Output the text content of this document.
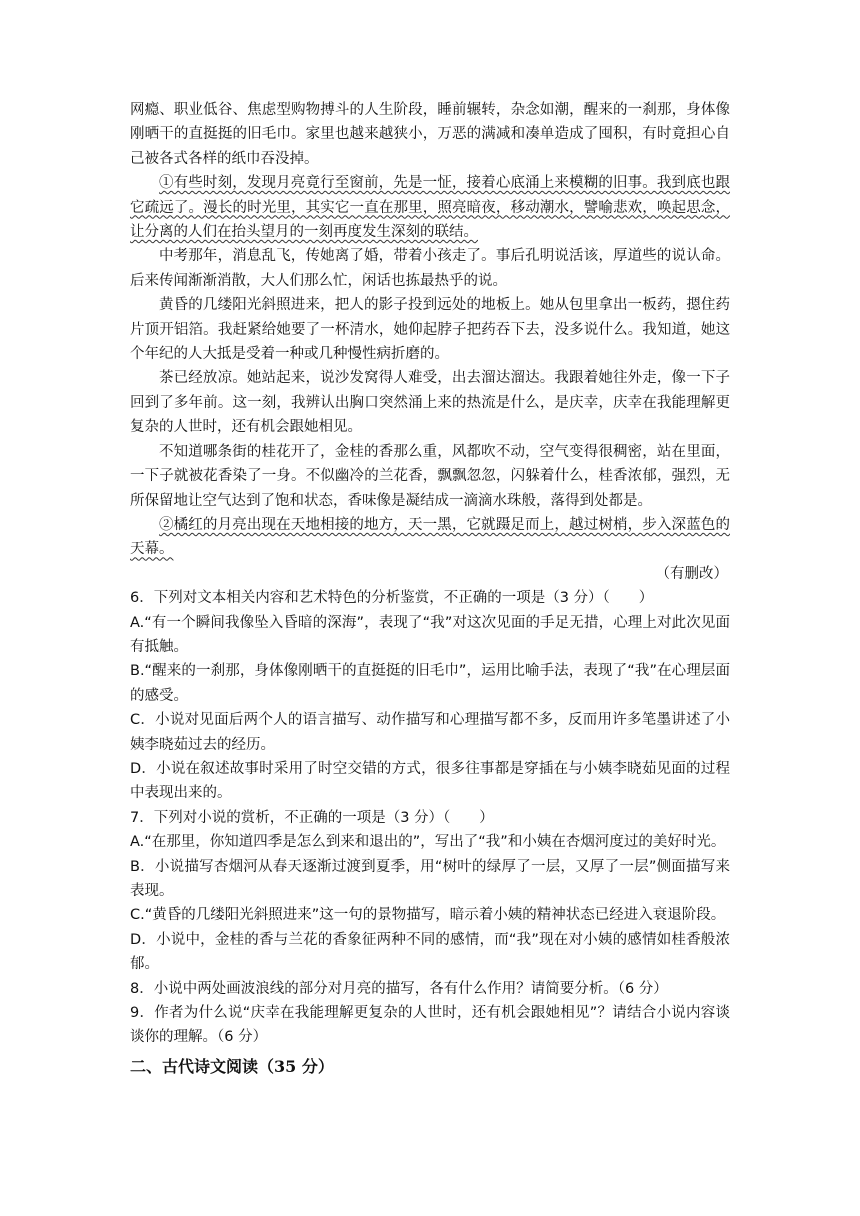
网瘾、职业低谷、焦虑型购物搏斗的人生阶段，睡前辗转，杂念如潮，醒来的一刹那，身体像刚晒干的直挺挺的旧毛巾。家里也越来越狭小，万恶的满减和凑单造成了囤积，有时竟担心自己被各式各样的纸巾吞没掉。

①有些时刻，发现月亮竟行至窗前，先是一怔，接着心底涌上来模糊的旧事。我到底也跟它疏远了。漫长的时光里，其实它一直在那里，照亮暗夜，移动潮水，譬喻悲欢，唤起思念，让分离的人们在抬头望月的一刻再度发生深刻的联结。

中考那年，消息乱飞，传她离了婚，带着小孩走了。事后孔明说活该，厚道些的说认命。后来传闻渐渐消散，大人们那么忙，闲话也拣最热乎的说。

黄昏的几缕阳光斜照进来，把人的影子投到远处的地板上。她从包里拿出一板药，摁住药片顶开铝箔。我赶紧给她要了一杯清水，她仰起脖子把药吞下去，没多说什么。我知道，她这个年纪的人大抵是受着一种或几种慢性病折磨的。

茶已经放凉。她站起来，说沙发窝得人难受，出去溜达溜达。我跟着她往外走，像一下子回到了多年前。这一刻，我辨认出胸口突然涌上来的热流是什么，是庆幸，庆幸在我能理解更复杂的人世时，还有机会跟她相见。

不知道哪条街的桂花开了，金桂的香那么重，风都吹不动，空气变得很稠密，站在里面，一下子就被花香染了一身。不似幽冷的兰花香，飘飘忽忽，闪躲着什么，桂香浓郁，强烈，无所保留地让空气达到了饱和状态，香味像是凝结成一滴滴水珠般，落得到处都是。

②橘红的月亮出现在天地相接的地方，天一黑，它就蹑足而上，越过树梢，步入深蓝色的天幕。

（有删改）

6．下列对文本相关内容和艺术特色的分析鉴赏，不正确的一项是（3 分）（　　）

A.“有一个瞬间我像坠入昏暗的深海”，表现了“我”对这次见面的手足无措，心理上对此次见面有抵触。

B.“醒来的一刹那，身体像刚晒干的直挺挺的旧毛巾”，运用比喻手法，表现了“我”在心理层面的感受。

C．小说对见面后两个人的语言描写、动作描写和心理描写都不多，反而用许多笔墨讲述了小姨李晓茹过去的经历。

D．小说在叙述故事时采用了时空交错的方式，很多往事都是穿插在与小姨李晓茹见面的过程中表现出来的。

7．下列对小说的赏析，不正确的一项是（3 分）（　　）

A.“在那里，你知道四季是怎么到来和退出的”，写出了“我”和小姨在杏烟河度过的美好时光。

B．小说描写杏烟河从春天逐渐过渡到夏季，用“树叶的绿厚了一层，又厚了一层”侧面描写来表现。

C.“黄昏的几缕阳光斜照进来”这一句的景物描写，暗示着小姨的精神状态已经进入衰退阶段。

D．小说中，金桂的香与兰花的香象征两种不同的感情，而“我”现在对小姨的感情如桂香般浓郁。

8．小说中两处画波浪线的部分对月亮的描写，各有什么作用？请简要分析。（6 分）

9．作者为什么说“庆幸在我能理解更复杂的人世时，还有机会跟她相见”？请结合小说内容谈谈你的理解。（6 分）

二、古代诗文阅读（35 分）
